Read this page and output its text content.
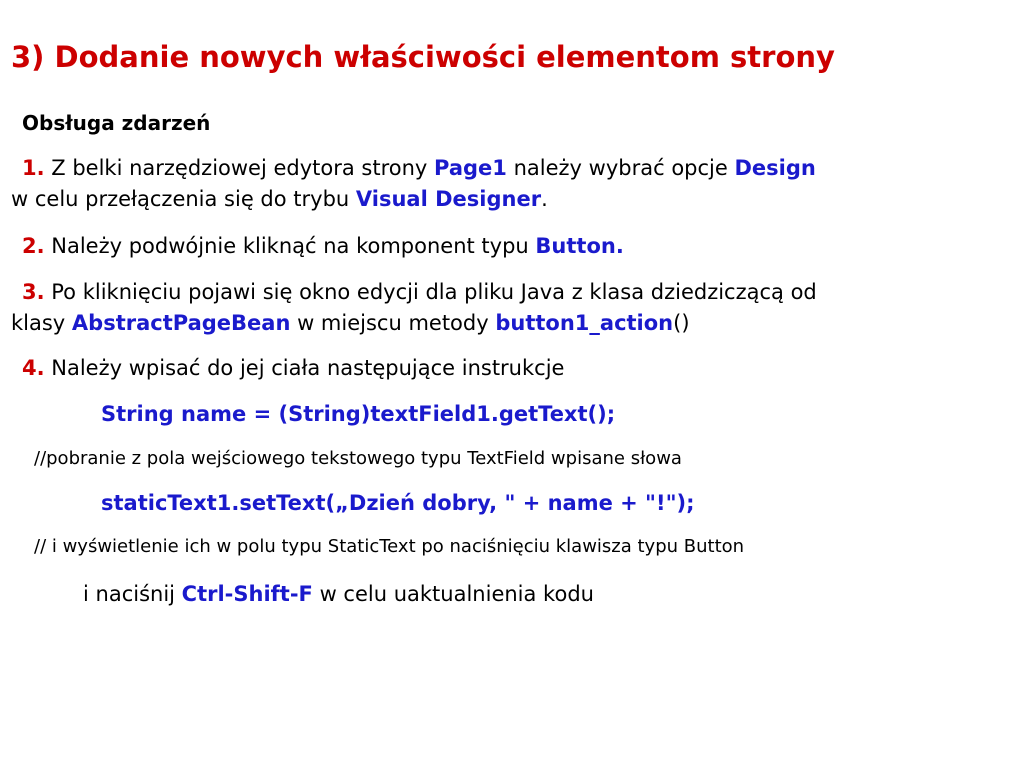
3) Dodanie nowych właściwości elementom strony
Obsługa zdarzeń
1. Z belki narzędziowej edytora strony Page1 należy wybrać opcje Design
w celu przełączenia się do trybu Visual Designer.
2. Należy podwójnie kliknąć na komponent typu Button.
3. Po kliknięciu pojawi się okno edycji dla pliku Java z klasa dziedziczącą od
klasy AbstractPageBean w miejscu metody button1_action()
4. Należy wpisać do jej ciała następujące instrukcje
String name = (String)textField1.getText();
//pobranie z pola wejściowego tekstowego typu TextField wpisane słowa
staticText1.setText(„Dzień dobry, " + name + "!");
// i wyświetlenie ich w polu typu StaticText po naciśnięciu klawisza typu Button
i naciśnij Ctrl-Shift-F w celu uaktualnienia kodu
